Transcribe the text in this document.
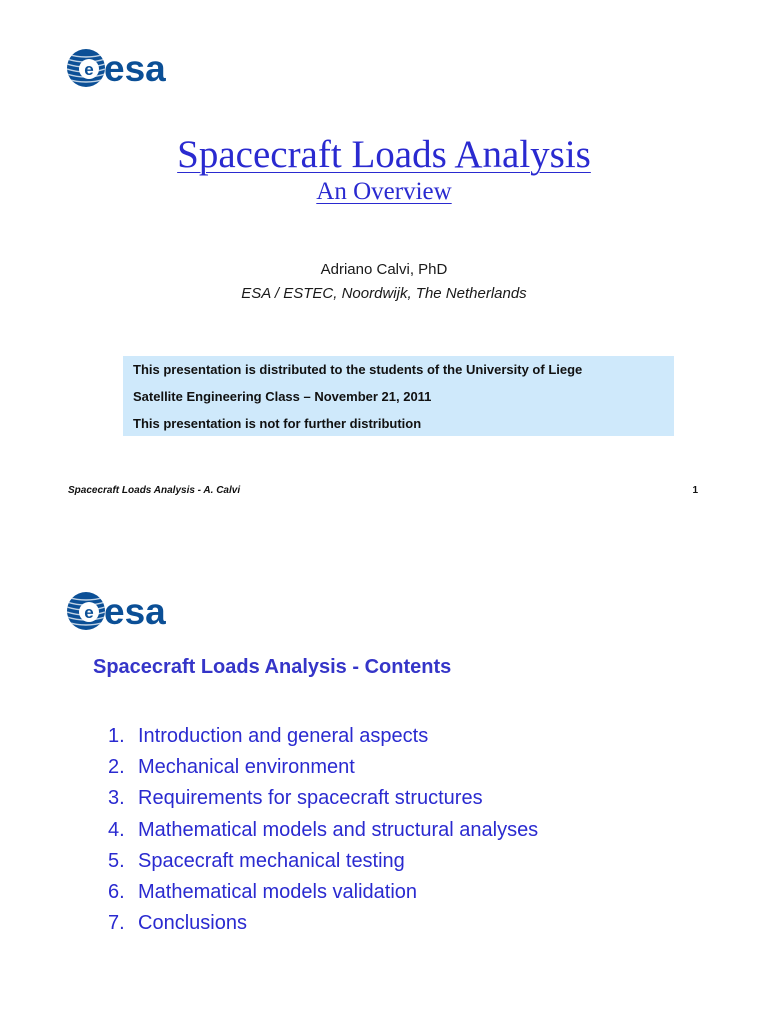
e esa
Spacecraft Loads Analysis
An Overview
Adriano Calvi, PhD
ESA / ESTEC, Noordwijk, The Netherlands
This presentation is distributed to the students of the University of Liege
Satellite Engineering Class – November 21, 2011
This presentation is not for further distribution
Spacecraft Loads Analysis - A. Calvi	1
e esa
Spacecraft Loads Analysis - Contents
1. Introduction and general aspects
2. Mechanical environment
3. Requirements for spacecraft structures
4. Mathematical models and structural analyses
5. Spacecraft mechanical testing
6. Mathematical models validation
7. Conclusions
